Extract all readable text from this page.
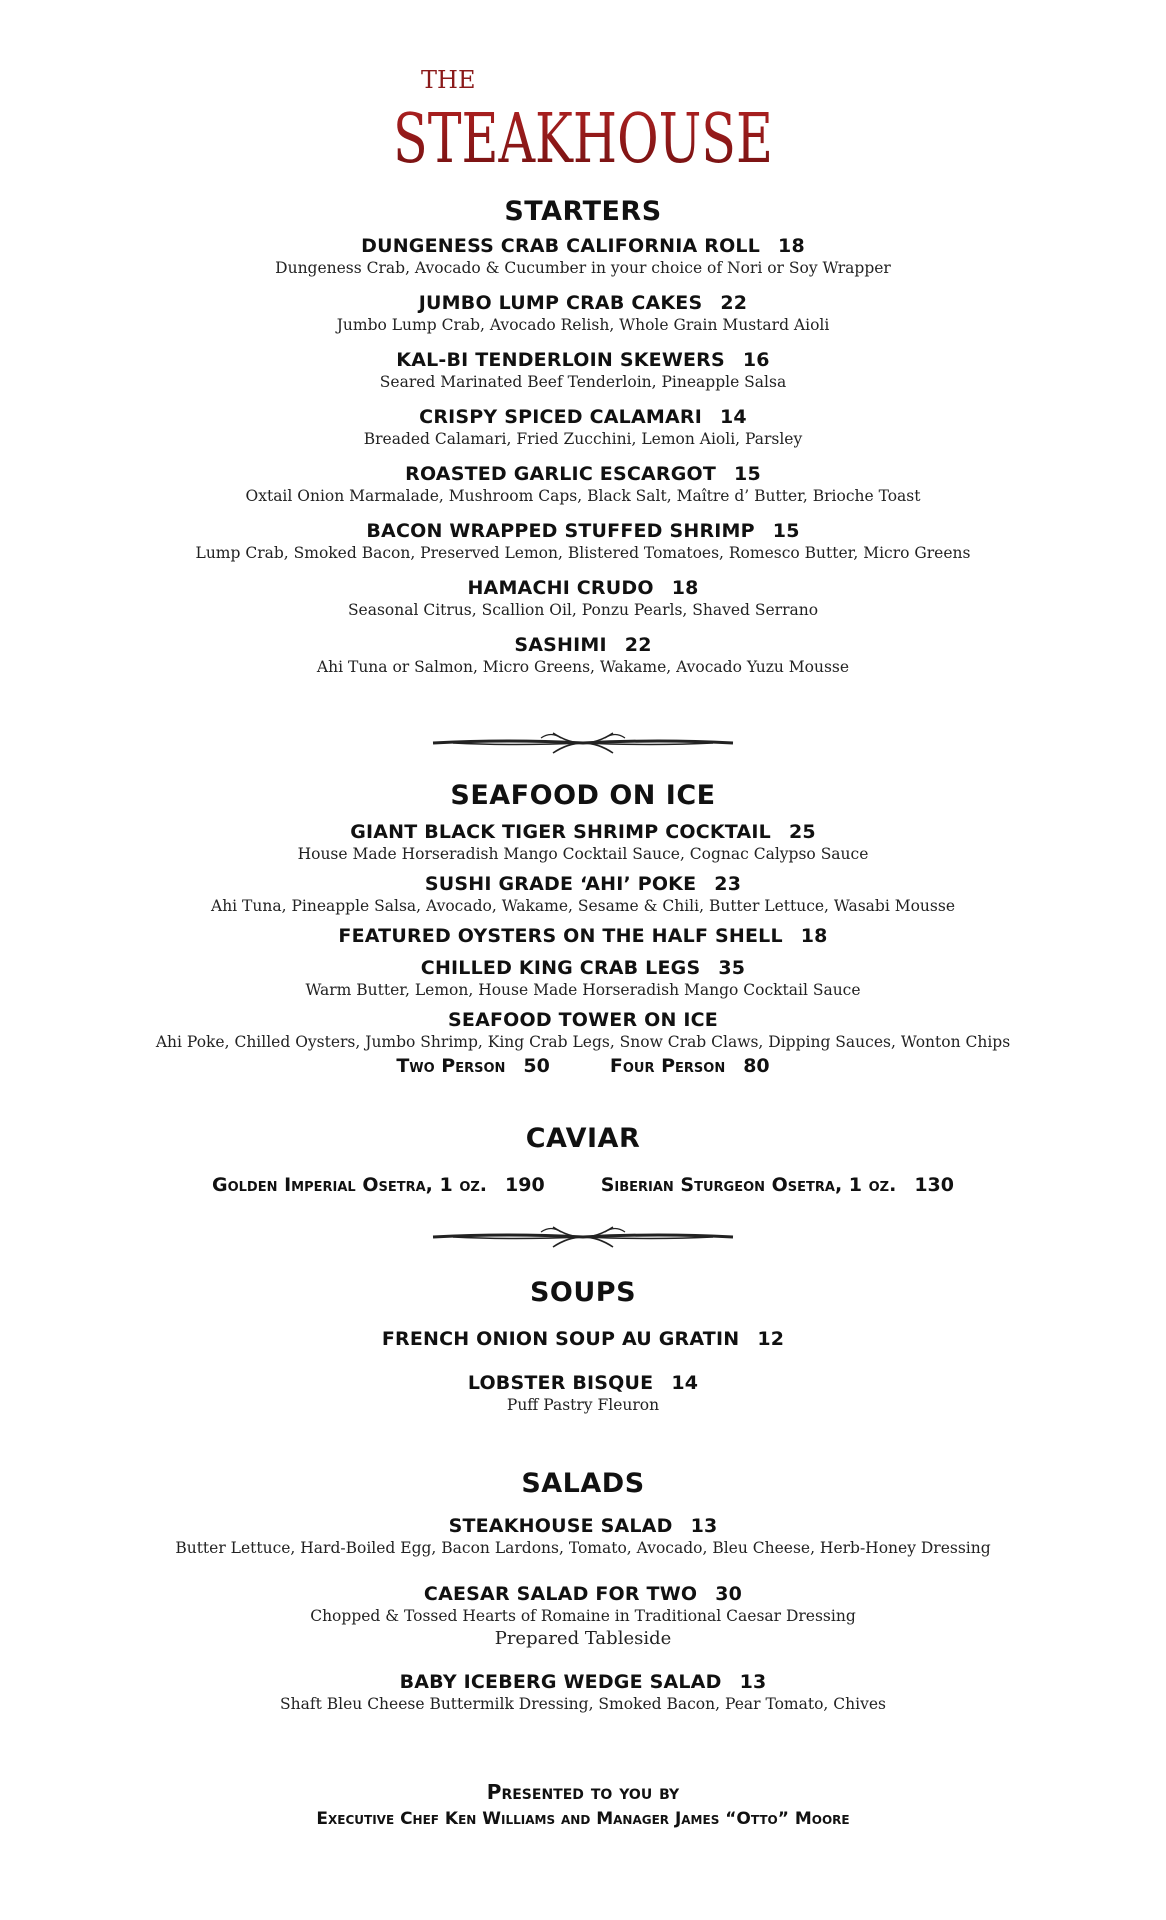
THE
STEAKHOUSE
STARTERS
DUNGENESS CRAB CALIFORNIA ROLL 18
Dungeness Crab, Avocado & Cucumber in your choice of Nori or Soy Wrapper
JUMBO LUMP CRAB CAKES 22
Jumbo Lump Crab, Avocado Relish, Whole Grain Mustard Aioli
KAL-BI TENDERLOIN SKEWERS 16
Seared Marinated Beef Tenderloin, Pineapple Salsa
CRISPY SPICED CALAMARI 14
Breaded Calamari, Fried Zucchini, Lemon Aioli, Parsley
ROASTED GARLIC ESCARGOT 15
Oxtail Onion Marmalade, Mushroom Caps, Black Salt, Maître d’ Butter, Brioche Toast
BACON WRAPPED STUFFED SHRIMP 15
Lump Crab, Smoked Bacon, Preserved Lemon, Blistered Tomatoes, Romesco Butter, Micro Greens
HAMACHI CRUDO 18
Seasonal Citrus, Scallion Oil, Ponzu Pearls, Shaved Serrano
SASHIMI 22
Ahi Tuna or Salmon, Micro Greens, Wakame, Avocado Yuzu Mousse
SEAFOOD ON ICE
GIANT BLACK TIGER SHRIMP COCKTAIL 25
House Made Horseradish Mango Cocktail Sauce, Cognac Calypso Sauce
SUSHI GRADE ‘AHI’ POKE 23
Ahi Tuna, Pineapple Salsa, Avocado, Wakame, Sesame & Chili, Butter Lettuce, Wasabi Mousse
FEATURED OYSTERS ON THE HALF SHELL 18
CHILLED KING CRAB LEGS 35
Warm Butter, Lemon, House Made Horseradish Mango Cocktail Sauce
SEAFOOD TOWER ON ICE
Ahi Poke, Chilled Oysters, Jumbo Shrimp, King Crab Legs, Snow Crab Claws, Dipping Sauces, Wonton Chips
Two Person 50	Four Person 80
CAVIAR
Golden Imperial Osetra, 1 oz. 190	Siberian Sturgeon Osetra, 1 oz. 130
SOUPS
FRENCH ONION SOUP AU GRATIN 12
LOBSTER BISQUE 14
Puff Pastry Fleuron
SALADS
STEAKHOUSE SALAD 13
Butter Lettuce, Hard-Boiled Egg, Bacon Lardons, Tomato, Avocado, Bleu Cheese, Herb-Honey Dressing
CAESAR SALAD FOR TWO 30
Chopped & Tossed Hearts of Romaine in Traditional Caesar Dressing
Prepared Tableside
BABY ICEBERG WEDGE SALAD 13
Shaft Bleu Cheese Buttermilk Dressing, Smoked Bacon, Pear Tomato, Chives
Presented to you by
Executive Chef Ken Williams and Manager James “Otto” Moore
